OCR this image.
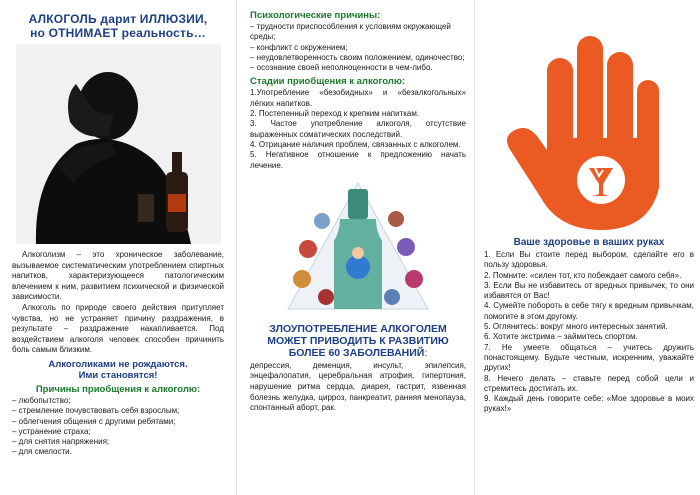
АЛКОГОЛЬ дарит ИЛЛЮЗИИ,
но ОТНИМАЕТ реальность…

Алкоголизм – это хроническое заболевание, вызываемое систематическим употреблением спиртных напитков, характеризующееся патологическим влечением к ним, развитием психической и физической зависимости.

Алкоголь по природе своего действия притупляет чувства, но не устраняет причину раздражения, в результате – раздражение накапливается. Под воздействием алкоголя человек способен причинить боль самым близким.

Алкоголиками не рождаются.
Ими становятся!
Причины приобщения к алкоголю:
– любопытство;
– стремление почувствовать себя взрослым;
– облегчения общения с другими ребятами;
– устранение страха;
– для снятия напряжения;
– для смелости.
Психологические причины:
– трудности приспособления к условиям окружающей среды;
– конфликт с окружением;
– неудовлетворенность своим положением, одиночество;
– осознание своей неполноценности в чем-либо.
Стадии приобщения к алкоголю:
1.Употребление «безобидных» и «безалкогольных» лёгких напитков.
2. Постепенный переход к крепким напиткам.
3. Частое употребление алкоголя, отсутствие выраженных соматических последствий.
4. Отрицание наличия проблем, связанных с алкоголем.
5. Негативное отношение к предложению начать лечение.
ЗЛОУПОТРЕБЛЕНИЕ АЛКОГОЛЕМ
МОЖЕТ ПРИВОДИТЬ К РАЗВИТИЮ
БОЛЕЕ 60 ЗАБОЛЕВАНИЙ:

депрессия, деменция, инсульт, эпилепсия, энцефалопатия, церебральная атрофия, гипертония, нарушение ритма сердца, диарея, гастрит, язвенная болезнь желудка, цирроз, панкреатит, ранняя менопауза, спонтанный аборт, рак.

Ваше здоровье в ваших руках
1. Если Вы стоите перед выбором, сделайте его в пользу здоровья.
2. Помните: «силен тот, кто побеждает самого себя».
3. Если Вы не избавитесь от вредных привычек, то они избавятся от Вас!
4. Сумейте побороть в себе тягу к вредным привычкам, помогите в этом другому.
5. Оглянитесь: вокруг много интересных занятий.
6. Хотите экстрима – займитесь спортом.
7. Не умеете общаться – учитесь дружить понастоящему. Будьте честным, искренним, уважайте других!
8. Нечего делать – ставьте перед собой цели и стремитесь достигать их.
9. Каждый день говорите себе: «Мое здоровье в моих руках!»
